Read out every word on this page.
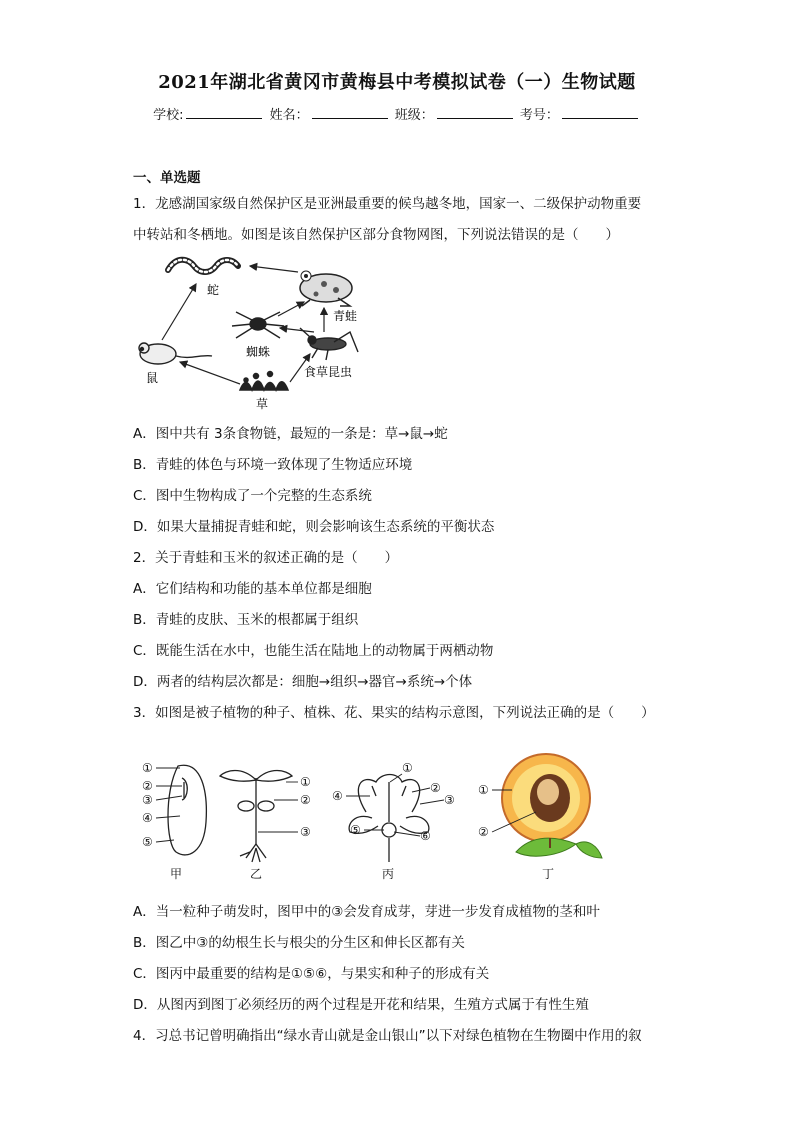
2021年湖北省黄冈市黄梅县中考模拟试卷（一）生物试题
学校:	姓名：	班级：	考号：
一、单选题
1．龙感湖国家级自然保护区是亚洲最重要的候鸟越冬地，国家一、二级保护动物重要
中转站和冬栖地。如图是该自然保护区部分食物网图，下列说法错误的是（　　）
蛇
青蛙
蜘蛛
食草昆虫
鼠
草
A．图中共有 3条食物链，最短的一条是：草→鼠→蛇
B．青蛙的体色与环境一致体现了生物适应环境
C．图中生物构成了一个完整的生态系统
D．如果大量捕捉青蛙和蛇，则会影响该生态系统的平衡状态
2．关于青蛙和玉米的叙述正确的是（　　）
A．它们结构和功能的基本单位都是细胞
B．青蛙的皮肤、玉米的根都属于组织
C．既能生活在水中，也能生活在陆地上的动物属于两栖动物
D．两者的结构层次都是：细胞→组织→器官→系统→个体
3．如图是被子植物的种子、植株、花、果实的结构示意图，下列说法正确的是（　　）
①
②
③
④
⑤
甲
①
②
③
乙
④
①
②
③
⑤	⑥
丙
①
②
丁
A．当一粒种子萌发时，图甲中的③会发育成芽，芽进一步发育成植物的茎和叶
B．图乙中③的幼根生长与根尖的分生区和伸长区都有关
C．图丙中最重要的结构是①⑤⑥，与果实和种子的形成有关
D．从图丙到图丁必须经历的两个过程是开花和结果，生殖方式属于有性生殖
4．习总书记曾明确指出“绿水青山就是金山银山”以下对绿色植物在生物圈中作用的叙
